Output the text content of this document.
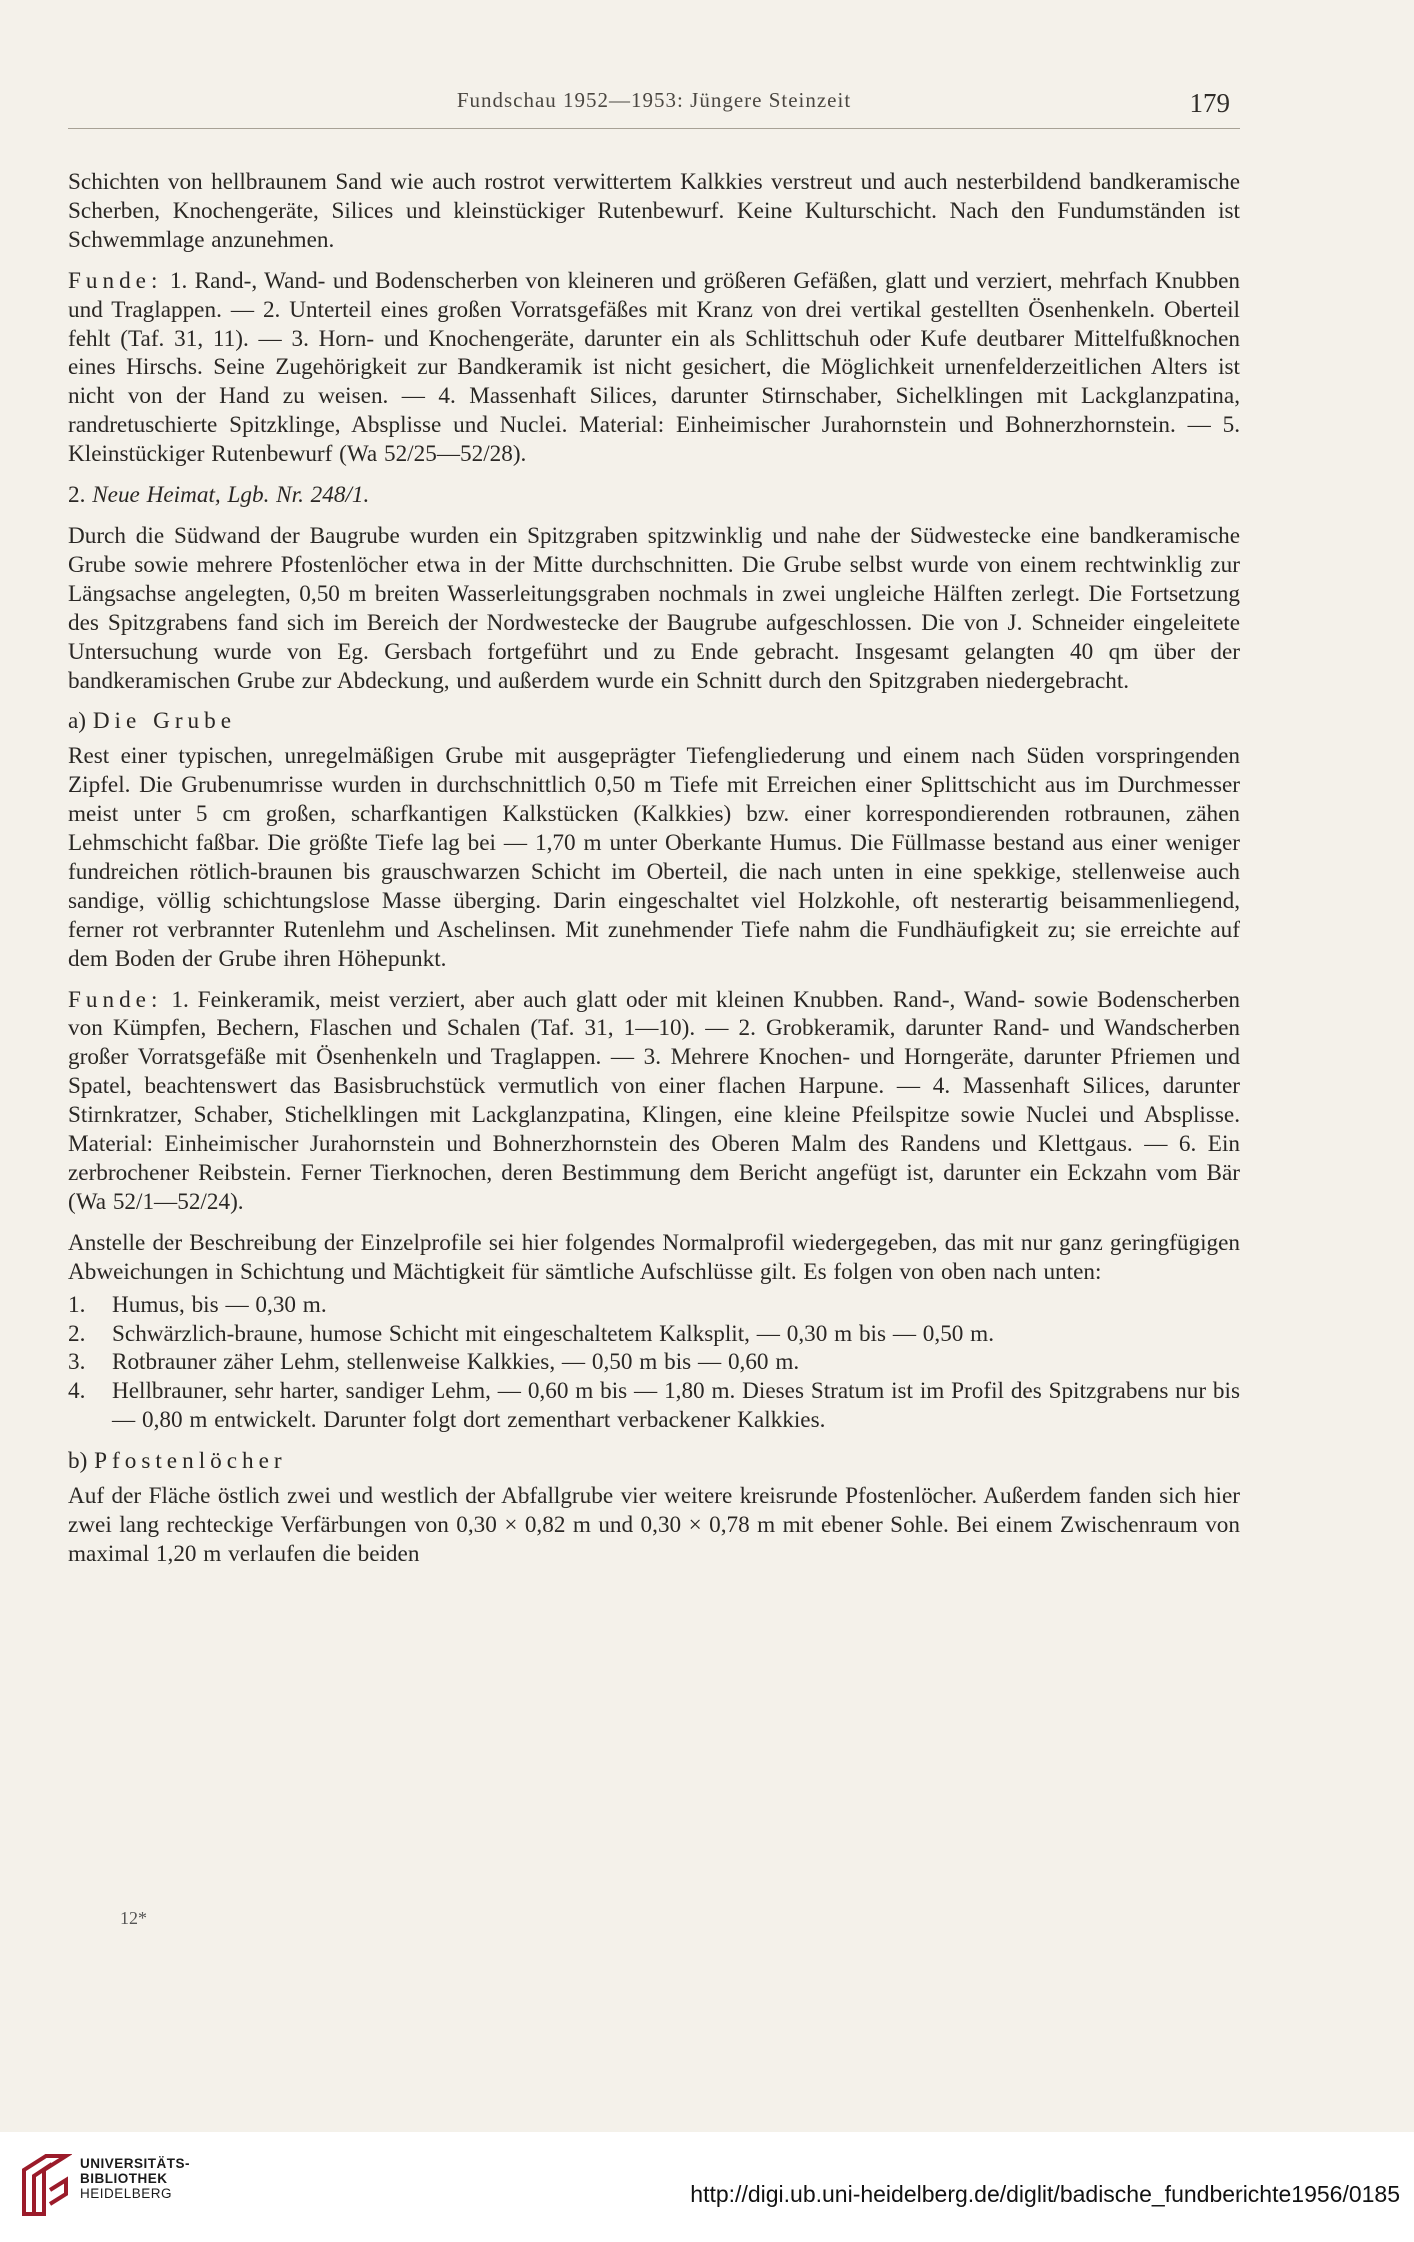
Fundschau 1952—1953: Jüngere Steinzeit	179

Schichten von hellbraunem Sand wie auch rostrot verwittertem Kalkkies verstreut und auch nesterbildend bandkeramische Scherben, Knochengeräte, Silices und kleinstückiger Rutenbewurf. Keine Kulturschicht. Nach den Fundumständen ist Schwemmlage anzunehmen.

Funde: 1. Rand-, Wand- und Bodenscherben von kleineren und größeren Gefäßen, glatt und verziert, mehrfach Knubben und Traglappen. — 2. Unterteil eines großen Vorratsgefäßes mit Kranz von drei vertikal gestellten Ösenhenkeln. Oberteil fehlt (Taf. 31, 11). — 3. Horn- und Knochengeräte, darunter ein als Schlittschuh oder Kufe deutbarer Mittelfußknochen eines Hirschs. Seine Zugehörigkeit zur Bandkeramik ist nicht gesichert, die Möglichkeit urnenfelderzeitlichen Alters ist nicht von der Hand zu weisen. — 4. Massenhaft Silices, darunter Stirnschaber, Sichelklingen mit Lackglanzpatina, randretuschierte Spitzklinge, Absplisse und Nuclei. Material: Einheimischer Jurahornstein und Bohnerzhornstein. — 5. Kleinstückiger Rutenbewurf (Wa 52/25—52/28).

2. Neue Heimat, Lgb. Nr. 248/1.

Durch die Südwand der Baugrube wurden ein Spitzgraben spitzwinklig und nahe der Südwestecke eine bandkeramische Grube sowie mehrere Pfostenlöcher etwa in der Mitte durchschnitten. Die Grube selbst wurde von einem rechtwinklig zur Längsachse angelegten, 0,50 m breiten Wasserleitungsgraben nochmals in zwei ungleiche Hälften zerlegt. Die Fortsetzung des Spitzgrabens fand sich im Bereich der Nordwestecke der Baugrube aufgeschlossen. Die von J. Schneider eingeleitete Untersuchung wurde von Eg. Gersbach fortgeführt und zu Ende gebracht. Insgesamt gelangten 40 qm über der bandkeramischen Grube zur Abdeckung, und außerdem wurde ein Schnitt durch den Spitzgraben niedergebracht.

a) Die Grube

Rest einer typischen, unregelmäßigen Grube mit ausgeprägter Tiefengliederung und einem nach Süden vorspringenden Zipfel. Die Grubenumrisse wurden in durchschnittlich 0,50 m Tiefe mit Erreichen einer Splittschicht aus im Durchmesser meist unter 5 cm großen, scharfkantigen Kalkstücken (Kalkkies) bzw. einer korrespondierenden rotbraunen, zähen Lehmschicht faßbar. Die größte Tiefe lag bei — 1,70 m unter Oberkante Humus. Die Füllmasse bestand aus einer weniger fundreichen rötlich-braunen bis grauschwarzen Schicht im Oberteil, die nach unten in eine spekkige, stellenweise auch sandige, völlig schichtungslose Masse überging. Darin eingeschaltet viel Holzkohle, oft nesterartig beisammenliegend, ferner rot verbrannter Rutenlehm und Aschelinsen. Mit zunehmender Tiefe nahm die Fundhäufigkeit zu; sie erreichte auf dem Boden der Grube ihren Höhepunkt.

Funde: 1. Feinkeramik, meist verziert, aber auch glatt oder mit kleinen Knubben. Rand-, Wand- sowie Bodenscherben von Kümpfen, Bechern, Flaschen und Schalen (Taf. 31, 1—10). — 2. Grobkeramik, darunter Rand- und Wandscherben großer Vorratsgefäße mit Ösenhenkeln und Traglappen. — 3. Mehrere Knochen- und Horngeräte, darunter Pfriemen und Spatel, beachtenswert das Basisbruchstück vermutlich von einer flachen Harpune. — 4. Massenhaft Silices, darunter Stirnkratzer, Schaber, Stichelklingen mit Lackglanzpatina, Klingen, eine kleine Pfeilspitze sowie Nuclei und Absplisse. Material: Einheimischer Jurahornstein und Bohnerzhornstein des Oberen Malm des Randens und Klettgaus. — 6. Ein zerbrochener Reibstein. Ferner Tierknochen, deren Bestimmung dem Bericht angefügt ist, darunter ein Eckzahn vom Bär (Wa 52/1—52/24).

Anstelle der Beschreibung der Einzelprofile sei hier folgendes Normalprofil wiedergegeben, das mit nur ganz geringfügigen Abweichungen in Schichtung und Mächtigkeit für sämtliche Aufschlüsse gilt. Es folgen von oben nach unten:

1.	Humus, bis — 0,30 m.
2.	Schwärzlich-braune, humose Schicht mit eingeschaltetem Kalksplit, — 0,30 m bis — 0,50 m.
3.	Rotbrauner zäher Lehm, stellenweise Kalkkies, — 0,50 m bis — 0,60 m.
4.	Hellbrauner, sehr harter, sandiger Lehm, — 0,60 m bis — 1,80 m. Dieses Stratum ist im Profil des Spitzgrabens nur bis — 0,80 m entwickelt. Darunter folgt dort zementhart verbackener Kalkkies.

b) Pfostenlöcher

Auf der Fläche östlich zwei und westlich der Abfallgrube vier weitere kreisrunde Pfostenlöcher. Außerdem fanden sich hier zwei lang rechteckige Verfärbungen von 0,30 × 0,82 m und 0,30 × 0,78 m mit ebener Sohle. Bei einem Zwischenraum von maximal 1,20 m verlaufen die beiden

12*
UNIVERSITÄTS-
BIBLIOTHEK
HEIDELBERG	http://digi.ub.uni-heidelberg.de/diglit/badische_fundberichte1956/0185
